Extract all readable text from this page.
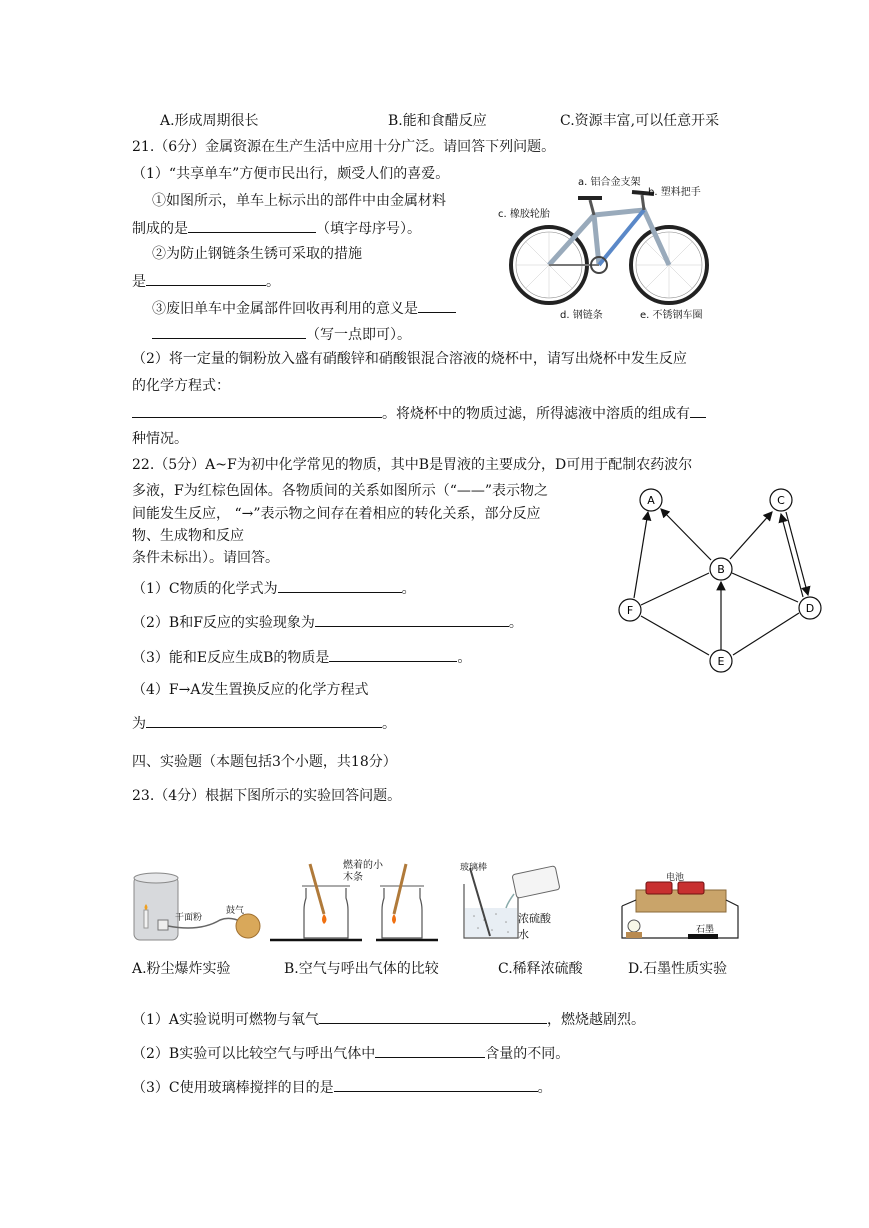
A.形成周期很长	B.能和食醋反应	C.资源丰富,可以任意开采
21.（6分）金属资源在生产生活中应用十分广泛。请回答下列问题。
（1）“共享单车”方便市民出行，颇受人们的喜爱。
①如图所示，单车上标示出的部件中由金属材料
制成的是	（填字母序号）。
②为防止钢链条生锈可采取的措施
是	。
③废旧单车中金属部件回收再利用的意义是
（写一点即可）。
（2）将一定量的铜粉放入盛有硝酸锌和硝酸银混合溶液的烧杯中，请写出烧杯中发生反应
的化学方程式：
。将烧杯中的物质过滤，所得滤液中溶质的组成有
种情况。
a. 铝合金支架
b. 塑料把手
c. 橡胶轮胎
d. 钢链条	e. 不锈钢车圈
22.（5分）A~F为初中化学常见的物质，其中B是胃液的主要成分，D可用于配制农药波尔
多液，F为红棕色固体。各物质间的关系如图所示（“——”表示物之
间能发生反应， “→”表示物之间存在着相应的转化关系，部分反应
物、生成物和反应
条件未标出）。请回答。
（1）C物质的化学式为	。
（2）B和F反应的实验现象为	。
（3）能和E反应生成B的物质是	。
（4）F→A发生置换反应的化学方程式
为	。
A
B
C
D
E
F
四、实验题（本题包括3个小题，共18分）
23.（4分）根据下图所示的实验回答问题。
干面粉
鼓气
燃着的小木条
玻璃棒
浓硫酸
水
电池
石墨
A.粉尘爆炸实验	B.空气与呼出气体的比较	C.稀释浓硫酸	D.石墨性质实验
（1）A实验说明可燃物与氧气	，燃烧越剧烈。
（2）B实验可以比较空气与呼出气体中	含量的不同。
（3）C使用玻璃棒搅拌的目的是	。
